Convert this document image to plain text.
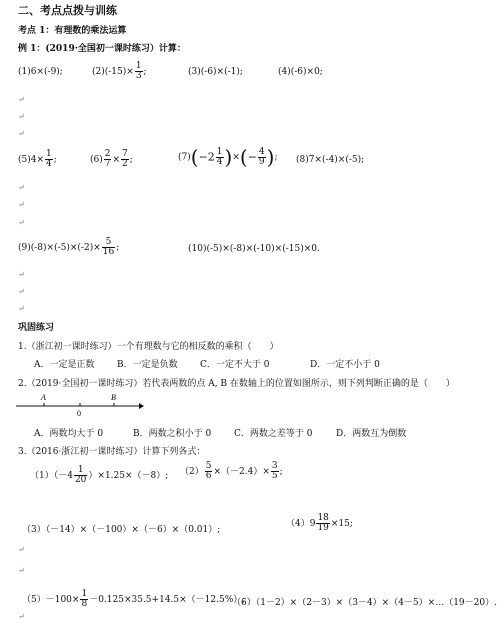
二、考点点拨与训练
考点 1：有理数的乘法运算
例 1：(2019·全国初一课时练习）计算：
(1)6×(-9);	$(2)(-15)\times \frac{1}{3}$ ;	(3)(-6)×(-1);	(4)(-6)×0;
↵
↵
↵
$(5)4\times \frac{1}{4}$ ;	$(6) \frac{2}{7} \times \frac{7}{2}$ ;	$(7)(-2 \frac{1}{4}$ )×(− $\frac{4}{9}$ ); (8)7×(-4)×(-5);
↵
↵
↵
$(9)(-8)\times(-5)\times(-2)\times \frac{5}{16}$ ;	(10)(-5)×(-8)×(-10)×(-15)×0.
↵
↵
↵
巩固练习
1.（浙江初一课时练习）一个有理数与它的相反数的乘积（　　）
A．一定是正数	B．一定是负数 C．一定不大于 0	D．一定不小于 0
2.（2019·全国初一课时练习）若代表两数的点 A, B 在数轴上的位置如图所示，则下列判断正确的是（　　）
A
0
B
A．两数均大于 0	B．两数之积小于 0	C．两数之差等于 0	D．两数互为倒数
3.（2016·浙江初一课时练习）计算下列各式：
$(1)(-4 \frac{1}{20} )\times 1.25\times(-8)$; $(2) \frac{5}{6} \times(-2.4)\times \frac{3}{5}$ ;
（3）（－14）×（－100）×（－6）×（0.01）;
$(4)9 \frac{18}{19} \times 15$;
↵
↵
$(5)-100\times \frac{1}{8} -0.125\times 35.5+14.5\times(-12.5\%)$;
（6）（1－2）×（2－3）×（3－4）×（4－5）×…（19－20）.
↵
